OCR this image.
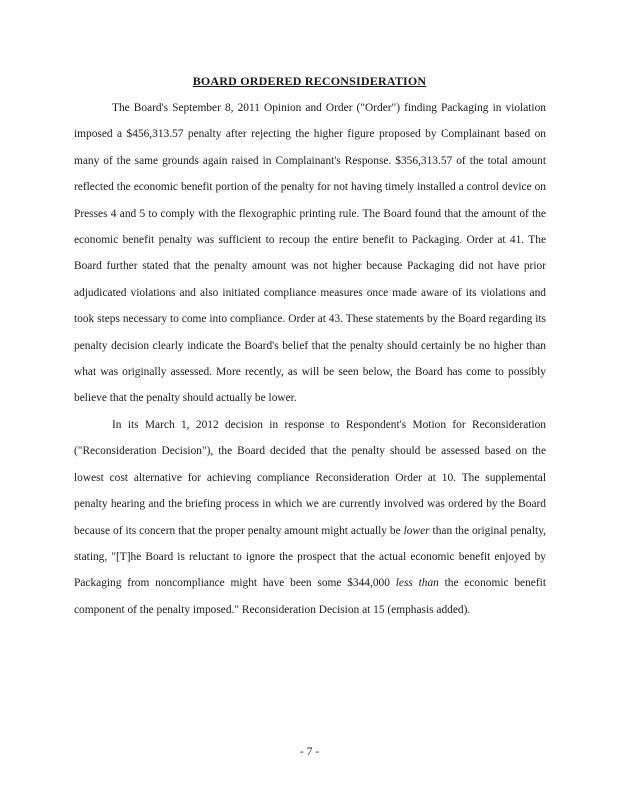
BOARD ORDERED RECONSIDERATION

The Board's September 8, 2011 Opinion and Order ("Order") finding Packaging in violation imposed a $456,313.57 penalty after rejecting the higher figure proposed by Complainant based on many of the same grounds again raised in Complainant's Response. $356,313.57 of the total amount reflected the economic benefit portion of the penalty for not having timely installed a control device on Presses 4 and 5 to comply with the flexographic printing rule. The Board found that the amount of the economic benefit penalty was sufficient to recoup the entire benefit to Packaging. Order at 41. The Board further stated that the penalty amount was not higher because Packaging did not have prior adjudicated violations and also initiated compliance measures once made aware of its violations and took steps necessary to come into compliance. Order at 43. These statements by the Board regarding its penalty decision clearly indicate the Board's belief that the penalty should certainly be no higher than what was originally assessed. More recently, as will be seen below, the Board has come to possibly believe that the penalty should actually be lower.

In its March 1, 2012 decision in response to Respondent's Motion for Reconsideration ("Reconsideration Decision"), the Board decided that the penalty should be assessed based on the lowest cost alternative for achieving compliance Reconsideration Order at 10. The supplemental penalty hearing and the briefing process in which we are currently involved was ordered by the Board because of its concern that the proper penalty amount might actually be lower than the original penalty, stating, "[T]he Board is reluctant to ignore the prospect that the actual economic benefit enjoyed by Packaging from noncompliance might have been some $344,000 less than the economic benefit component of the penalty imposed." Reconsideration Decision at 15 (emphasis added).

- 7 -
